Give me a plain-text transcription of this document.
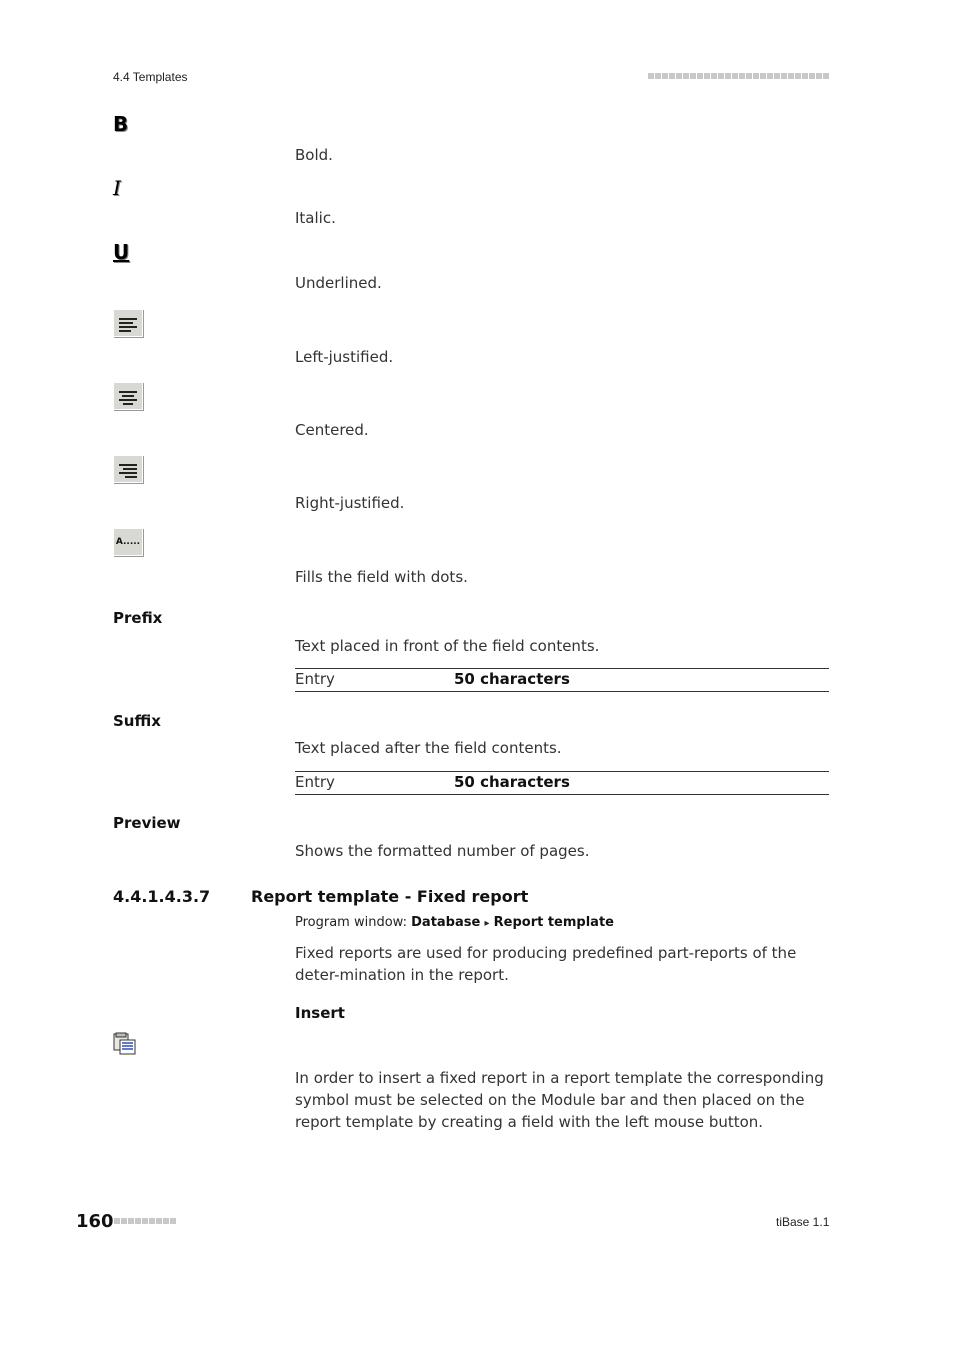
4.4 Templates
B
Bold.
I
Italic.
U
Underlined.
Left-justified.
Centered.
Right-justified.
A.....
Fills the field with dots.
Prefix
Text placed in front of the field contents.
Entry	50 characters
Suffix
Text placed after the field contents.
Entry	50 characters
Preview
Shows the formatted number of pages.
4.4.1.4.3.7	Report template - Fixed report
Program window: Database ▸ Report template
Fixed reports are used for producing predefined part-reports of the deter-mination in the report.
Insert
In order to insert a fixed report in a report template the corresponding symbol must be selected on the Module bar and then placed on the report template by creating a field with the left mouse button.
160	tiBase 1.1
